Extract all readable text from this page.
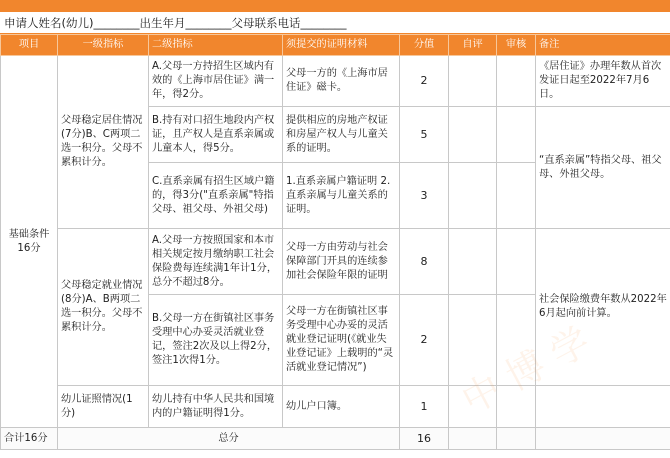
申请人姓名(幼儿)________出生年月________父母联系电话________
项目	一级指标	二级指标	须提交的证明材料	分值	自评	审核	备注
基础条件 16分	父母稳定居住情况(7分)B、C两项二选一积分。父母不累积计分。	A.父母一方持招生区域内有效的《上海市居住证》满一年，得2分。	父母一方的《上海市居住证》磁卡。	2			《居住证》办理年数从首次发证日起至2022年7月6日。
		B.持有对口招生地段内产权证，且产权人是直系亲属或儿童本人，得5分。	提供相应的房地产权证和房屋产权人与儿童关系的证明。	5			“直系亲属”特指父母、祖父母、外祖父母。
		C.直系亲属有招生区域户籍的，得3分("直系亲属"特指父母、祖父母、外祖父母)	1.直系亲属户籍证明 2.直系亲属与儿童关系的证明。	3			
	父母稳定就业情况(8分)A、B两项二选一积分。父母不累积计分。	A.父母一方按照国家和本市相关规定按月缴纳职工社会保险费每连续满1年计1分，总分不超过8分。	父母一方由劳动与社会保障部门开具的连续参加社会保险年限的证明	8			社会保险缴费年数从2022年6月起向前计算。
		B.父母一方在街镇社区事务受理中心办妥灵活就业登记，签注2次及以上得2分，签注1次得1分。	父母一方在街镇社区事务受理中心办妥的灵活就业登记证明(《就业失业登记证》上载明的“灵活就业登记情况”)	2			
	幼儿证照情况(1分)	幼儿持有中华人民共和国境内的户籍证明得1分。	幼儿户口簿。	1			
合计16分	总分			16			
中 博 学
